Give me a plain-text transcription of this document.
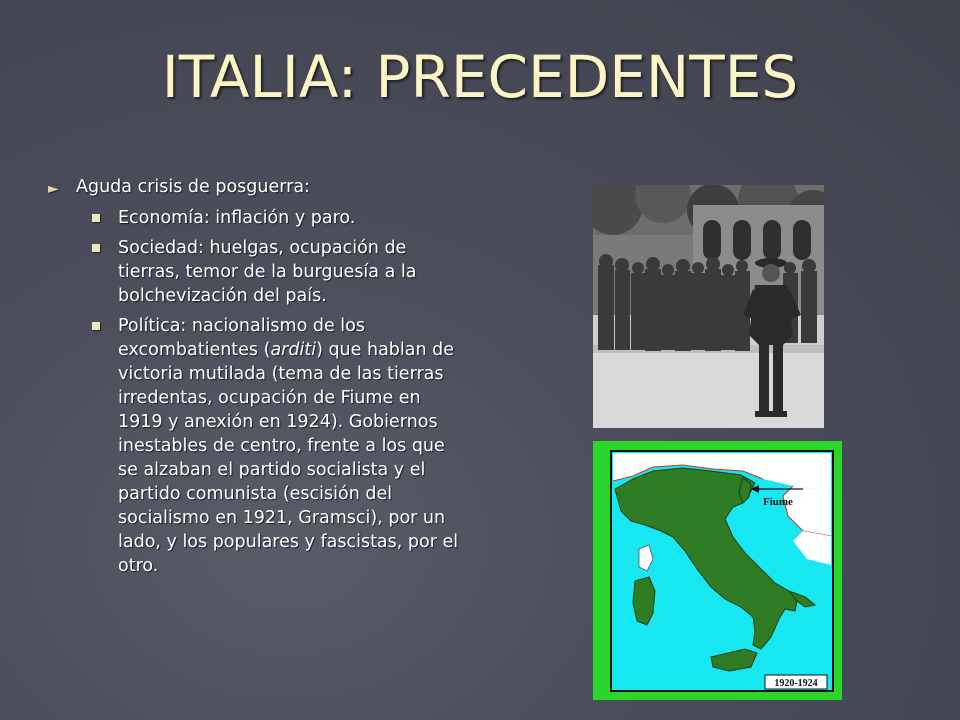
ITALIA: PRECEDENTES
► Aguda crisis de posguerra:
Economía: inflación y paro.
Sociedad: huelgas, ocupación de tierras, temor de la burguesía a la bolchevización del país.
Política: nacionalismo de los excombatientes (arditi) que hablan de victoria mutilada (tema de las tierras irredentas, ocupación de Fiume en 1919 y anexión en 1924). Gobiernos inestables de centro, frente a los que se alzaban el partido socialista y el partido comunista (escisión del socialismo en 1921, Gramsci), por un lado, y los populares y fascistas, por el otro.
Fiume
1920-1924
